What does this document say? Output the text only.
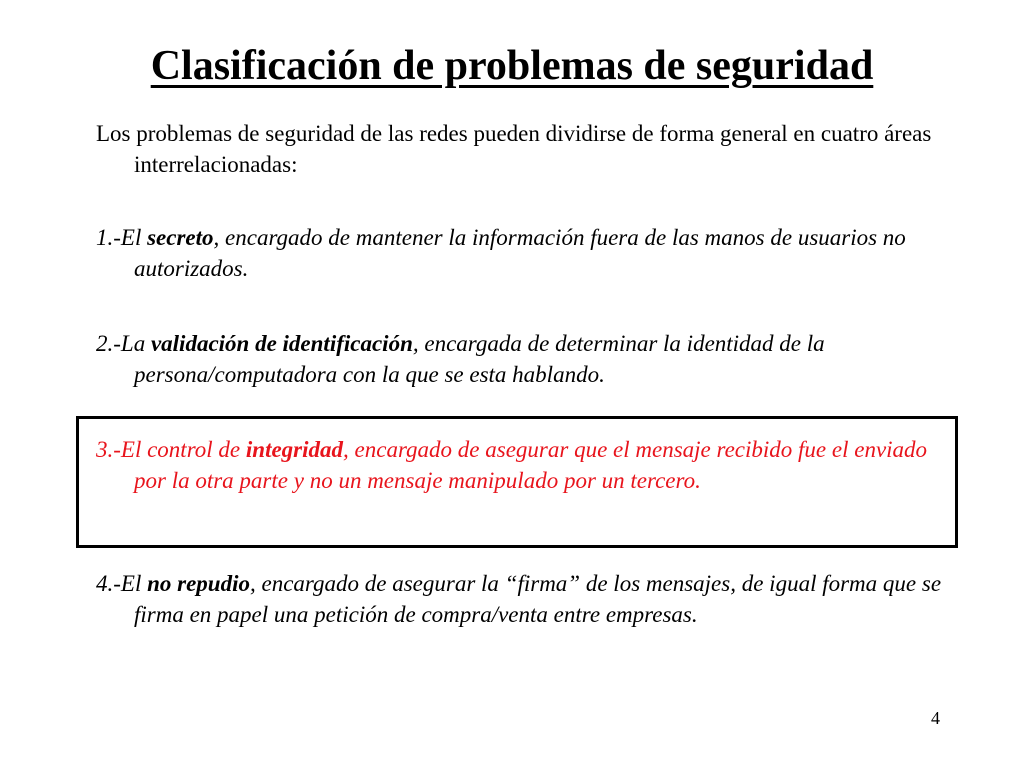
Clasificación de problemas de seguridad
Los problemas de seguridad de las redes pueden dividirse de forma general en cuatro áreas interrelacionadas:
1.-El secreto, encargado de mantener la información fuera de las manos de usuarios no autorizados.
2.-La validación de identificación, encargada de determinar la identidad de la persona/computadora con la que se esta hablando.
3.-El control de integridad, encargado de asegurar que el mensaje recibido fue el enviado por la otra parte y no un mensaje manipulado por un tercero.
4.-El no repudio, encargado de asegurar la “firma” de los mensajes, de igual forma que se firma en papel una petición de compra/venta entre empresas.
4
